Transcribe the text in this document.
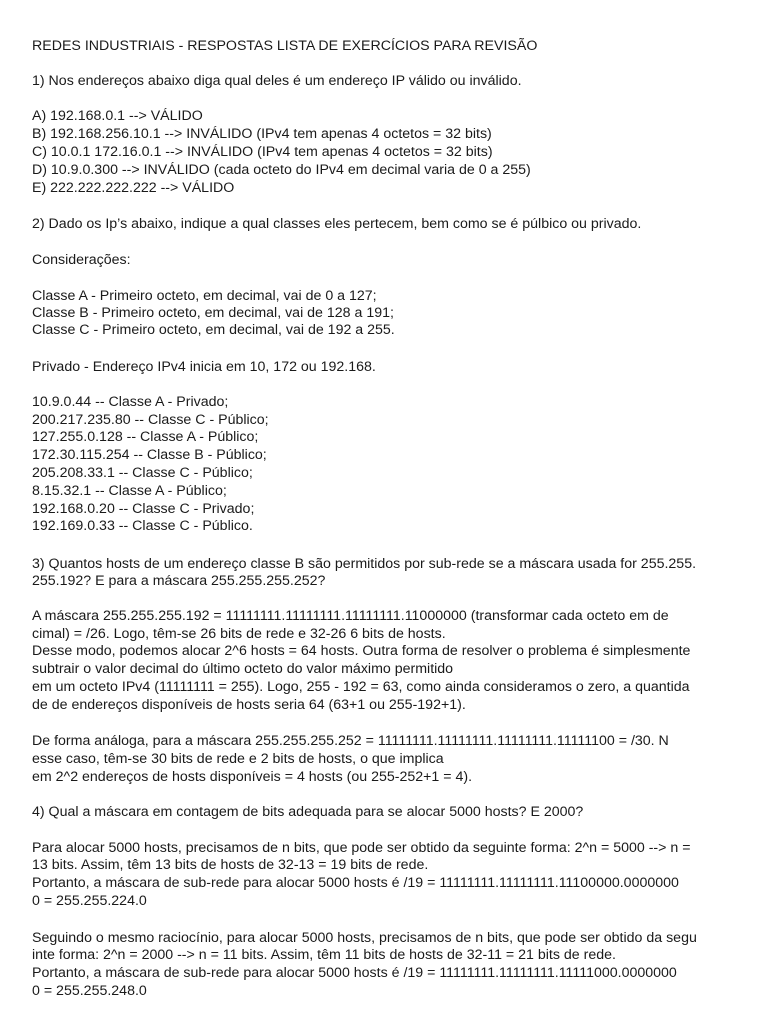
REDES INDUSTRIAIS - RESPOSTAS LISTA DE EXERCÍCIOS PARA REVISÃO
1) Nos endereços abaixo diga qual deles é um endereço IP válido ou inválido.
A) 192.168.0.1 --> VÁLIDO
B) 192.168.256.10.1 --> INVÁLIDO (IPv4 tem apenas 4 octetos = 32 bits)
C) 10.0.1 172.16.0.1 --> INVÁLIDO (IPv4 tem apenas 4 octetos = 32 bits)
D) 10.9.0.300 --> INVÁLIDO (cada octeto do IPv4 em decimal varia de 0 a 255)
E) 222.222.222.222 --> VÁLIDO
2) Dado os Ip’s abaixo, indique a qual classes eles pertecem, bem como se é púlbico ou privado.
Considerações:
Classe A - Primeiro octeto, em decimal, vai de 0 a 127;
Classe B - Primeiro octeto, em decimal, vai de 128 a 191;
Classe C - Primeiro octeto, em decimal, vai de 192 a 255.
Privado - Endereço IPv4 inicia em 10, 172 ou 192.168.
10.9.0.44 -- Classe A - Privado;
200.217.235.80 -- Classe C - Público;
127.255.0.128 -- Classe A - Público;
172.30.115.254 -- Classe B - Público;
205.208.33.1 -- Classe C - Público;
8.15.32.1 -- Classe A - Público;
192.168.0.20 -- Classe C - Privado;
192.169.0.33 -- Classe C - Público.
3) Quantos hosts de um endereço classe B são permitidos por sub-rede se a máscara usada for 255.255.
255.192? E para a máscara 255.255.255.252?
A máscara 255.255.255.192 = 11111111.11111111.11111111.11000000 (transformar cada octeto em de
cimal) = /26. Logo, têm-se 26 bits de rede e 32-26 6 bits de hosts.
Desse modo, podemos alocar 2^6 hosts = 64 hosts. Outra forma de resolver o problema é simplesmente
subtrair o valor decimal do último octeto do valor máximo permitido
em um octeto IPv4 (11111111 = 255). Logo, 255 - 192 = 63, como ainda consideramos o zero, a quantida
de de endereços disponíveis de hosts seria 64 (63+1 ou 255-192+1).
De forma análoga, para a máscara 255.255.255.252 = 11111111.11111111.11111111.11111100 = /30. N
esse caso, têm-se 30 bits de rede e 2 bits de hosts, o que implica
em 2^2 endereços de hosts disponíveis = 4 hosts (ou 255-252+1 = 4).
4) Qual a máscara em contagem de bits adequada para se alocar 5000 hosts? E 2000?
Para alocar 5000 hosts, precisamos de n bits, que pode ser obtido da seguinte forma: 2^n = 5000 --> n =
13 bits. Assim, têm 13 bits de hosts de 32-13 = 19 bits de rede.
Portanto, a máscara de sub-rede para alocar 5000 hosts é /19 = 11111111.11111111.11100000.0000000
0 = 255.255.224.0
Seguindo o mesmo raciocínio, para alocar 5000 hosts, precisamos de n bits, que pode ser obtido da segu
inte forma: 2^n = 2000 --> n = 11 bits. Assim, têm 11 bits de hosts de 32-11 = 21 bits de rede.
Portanto, a máscara de sub-rede para alocar 5000 hosts é /19 = 11111111.11111111.11111000.0000000
0 = 255.255.248.0
